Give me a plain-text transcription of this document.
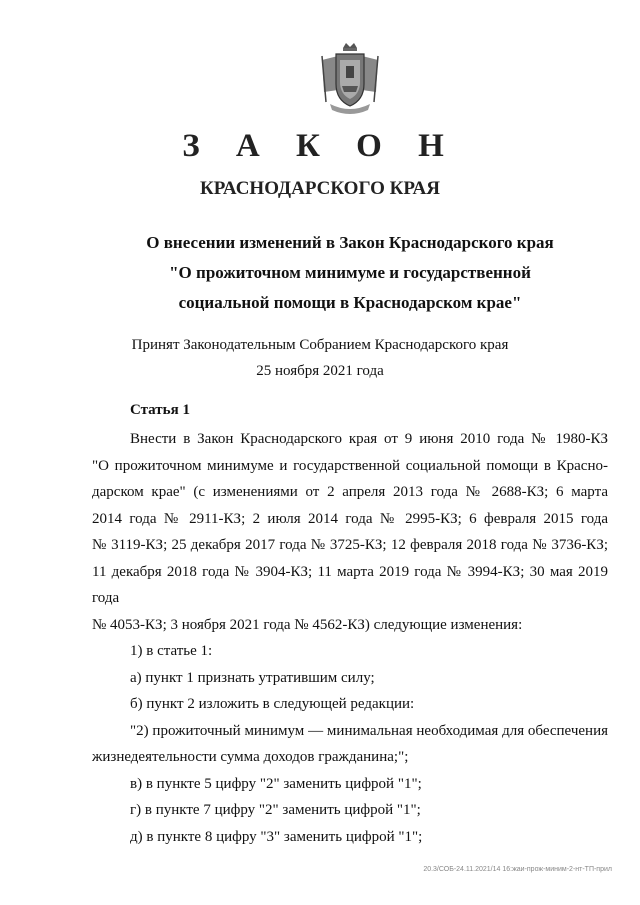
З А К О Н
КРАСНОДАРСКОГО КРАЯ
О внесении изменений в Закон Краснодарского края
"О прожиточном минимуме и государственной
социальной помощи в Краснодарском крае"
Принят Законодательным Собранием Краснодарского края
25 ноября 2021 года
Статья 1

Внести в Закон Краснодарского края от 9 июня 2010 года № 1980-КЗ

"О прожиточном минимуме и государственной социальной помощи в Красно-

дарском крае" (с изменениями от 2 апреля 2013 года № 2688-КЗ; 6 марта

2014 года № 2911-КЗ; 2 июля 2014 года № 2995-КЗ; 6 февраля 2015 года

№ 3119-КЗ; 25 декабря 2017 года № 3725-КЗ; 12 февраля 2018 года № 3736-КЗ;

11 декабря 2018 года № 3904-КЗ; 11 марта 2019 года № 3994-КЗ; 30 мая 2019 года

№ 4053-КЗ; 3 ноября 2021 года № 4562-КЗ) следующие изменения:

1) в статье 1:

а) пункт 1 признать утратившим силу;

б) пункт 2 изложить в следующей редакции:

"2) прожиточный минимум — минимальная необходимая для обеспечения

жизнедеятельности сумма доходов гражданина;";

в) в пункте 5 цифру "2" заменить цифрой "1";

г) в пункте 7 цифру "2" заменить цифрой "1";

д) в пункте 8 цифру "3" заменить цифрой "1";

20.3/СОБ-24.11.2021/14 16:жаи-прож-миним-2-нт-ТП-прил
